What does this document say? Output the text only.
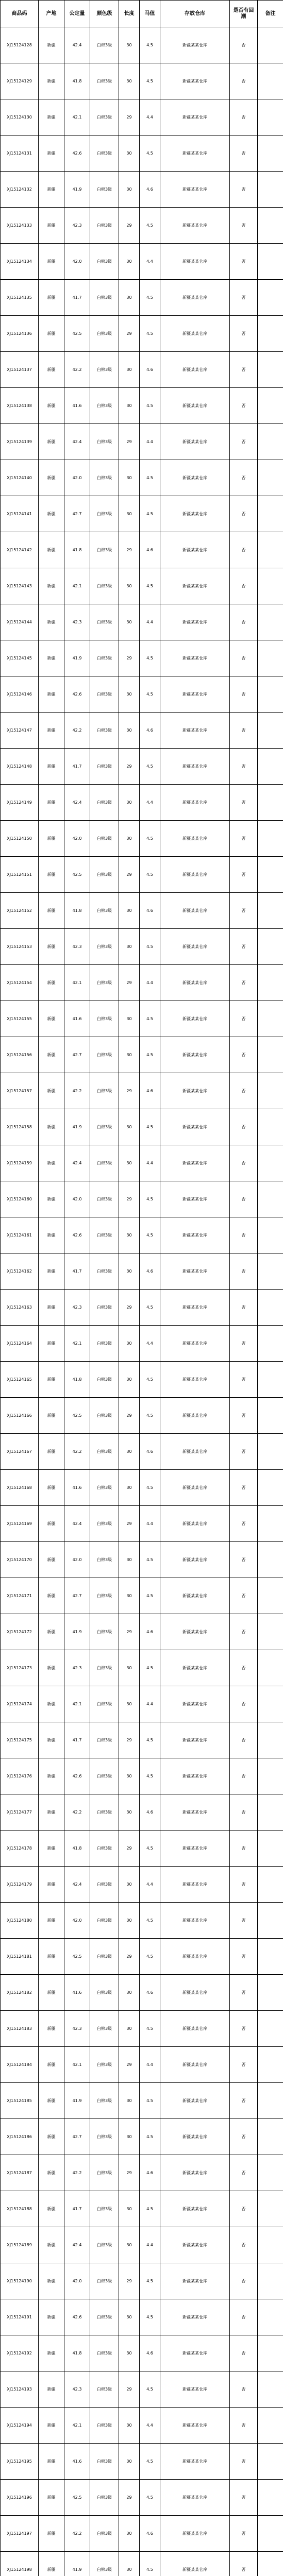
商品码	产地	公定量	颜色级	长度	马值	存放仓库	是否有回潮	备注
XJ15124128	新疆	42.4	白棉3级	30	4.5	新疆某某仓库	否	
XJ15124129	新疆	41.8	白棉3级	30	4.5	新疆某某仓库	否	
XJ15124130	新疆	42.1	白棉3级	29	4.4	新疆某某仓库	否	
XJ15124131	新疆	42.6	白棉3级	30	4.5	新疆某某仓库	否	
XJ15124132	新疆	41.9	白棉3级	30	4.6	新疆某某仓库	否	
XJ15124133	新疆	42.3	白棉3级	29	4.5	新疆某某仓库	否	
XJ15124134	新疆	42.0	白棉3级	30	4.4	新疆某某仓库	否	
XJ15124135	新疆	41.7	白棉3级	30	4.5	新疆某某仓库	否	
XJ15124136	新疆	42.5	白棉3级	29	4.5	新疆某某仓库	否	
XJ15124137	新疆	42.2	白棉3级	30	4.6	新疆某某仓库	否	
XJ15124138	新疆	41.6	白棉3级	30	4.5	新疆某某仓库	否	
XJ15124139	新疆	42.4	白棉3级	29	4.4	新疆某某仓库	否	
XJ15124140	新疆	42.0	白棉3级	30	4.5	新疆某某仓库	否	
XJ15124141	新疆	42.7	白棉3级	30	4.5	新疆某某仓库	否	
XJ15124142	新疆	41.8	白棉3级	29	4.6	新疆某某仓库	否	
XJ15124143	新疆	42.1	白棉3级	30	4.5	新疆某某仓库	否	
XJ15124144	新疆	42.3	白棉3级	30	4.4	新疆某某仓库	否	
XJ15124145	新疆	41.9	白棉3级	29	4.5	新疆某某仓库	否	
XJ15124146	新疆	42.6	白棉3级	30	4.5	新疆某某仓库	否	
XJ15124147	新疆	42.2	白棉3级	30	4.6	新疆某某仓库	否	
XJ15124148	新疆	41.7	白棉3级	29	4.5	新疆某某仓库	否	
XJ15124149	新疆	42.4	白棉3级	30	4.4	新疆某某仓库	否	
XJ15124150	新疆	42.0	白棉3级	30	4.5	新疆某某仓库	否	
XJ15124151	新疆	42.5	白棉3级	29	4.5	新疆某某仓库	否	
XJ15124152	新疆	41.8	白棉3级	30	4.6	新疆某某仓库	否	
XJ15124153	新疆	42.3	白棉3级	30	4.5	新疆某某仓库	否	
XJ15124154	新疆	42.1	白棉3级	29	4.4	新疆某某仓库	否	
XJ15124155	新疆	41.6	白棉3级	30	4.5	新疆某某仓库	否	
XJ15124156	新疆	42.7	白棉3级	30	4.5	新疆某某仓库	否	
XJ15124157	新疆	42.2	白棉3级	29	4.6	新疆某某仓库	否	
XJ15124158	新疆	41.9	白棉3级	30	4.5	新疆某某仓库	否	
XJ15124159	新疆	42.4	白棉3级	30	4.4	新疆某某仓库	否	
XJ15124160	新疆	42.0	白棉3级	29	4.5	新疆某某仓库	否	
XJ15124161	新疆	42.6	白棉3级	30	4.5	新疆某某仓库	否	
XJ15124162	新疆	41.7	白棉3级	30	4.6	新疆某某仓库	否	
XJ15124163	新疆	42.3	白棉3级	29	4.5	新疆某某仓库	否	
XJ15124164	新疆	42.1	白棉3级	30	4.4	新疆某某仓库	否	
XJ15124165	新疆	41.8	白棉3级	30	4.5	新疆某某仓库	否	
XJ15124166	新疆	42.5	白棉3级	29	4.5	新疆某某仓库	否	
XJ15124167	新疆	42.2	白棉3级	30	4.6	新疆某某仓库	否	
XJ15124168	新疆	41.6	白棉3级	30	4.5	新疆某某仓库	否	
XJ15124169	新疆	42.4	白棉3级	29	4.4	新疆某某仓库	否	
XJ15124170	新疆	42.0	白棉3级	30	4.5	新疆某某仓库	否	
XJ15124171	新疆	42.7	白棉3级	30	4.5	新疆某某仓库	否	
XJ15124172	新疆	41.9	白棉3级	29	4.6	新疆某某仓库	否	
XJ15124173	新疆	42.3	白棉3级	30	4.5	新疆某某仓库	否	
XJ15124174	新疆	42.1	白棉3级	30	4.4	新疆某某仓库	否	
XJ15124175	新疆	41.7	白棉3级	29	4.5	新疆某某仓库	否	
XJ15124176	新疆	42.6	白棉3级	30	4.5	新疆某某仓库	否	
XJ15124177	新疆	42.2	白棉3级	30	4.6	新疆某某仓库	否	
XJ15124178	新疆	41.8	白棉3级	29	4.5	新疆某某仓库	否	
XJ15124179	新疆	42.4	白棉3级	30	4.4	新疆某某仓库	否	
XJ15124180	新疆	42.0	白棉3级	30	4.5	新疆某某仓库	否	
XJ15124181	新疆	42.5	白棉3级	29	4.5	新疆某某仓库	否	
XJ15124182	新疆	41.6	白棉3级	30	4.6	新疆某某仓库	否	
XJ15124183	新疆	42.3	白棉3级	30	4.5	新疆某某仓库	否	
XJ15124184	新疆	42.1	白棉3级	29	4.4	新疆某某仓库	否	
XJ15124185	新疆	41.9	白棉3级	30	4.5	新疆某某仓库	否	
XJ15124186	新疆	42.7	白棉3级	30	4.5	新疆某某仓库	否	
XJ15124187	新疆	42.2	白棉3级	29	4.6	新疆某某仓库	否	
XJ15124188	新疆	41.7	白棉3级	30	4.5	新疆某某仓库	否	
XJ15124189	新疆	42.4	白棉3级	30	4.4	新疆某某仓库	否	
XJ15124190	新疆	42.0	白棉3级	29	4.5	新疆某某仓库	否	
XJ15124191	新疆	42.6	白棉3级	30	4.5	新疆某某仓库	否	
XJ15124192	新疆	41.8	白棉3级	30	4.6	新疆某某仓库	否	
XJ15124193	新疆	42.3	白棉3级	29	4.5	新疆某某仓库	否	
XJ15124194	新疆	42.1	白棉3级	30	4.4	新疆某某仓库	否	
XJ15124195	新疆	41.6	白棉3级	30	4.5	新疆某某仓库	否	
XJ15124196	新疆	42.5	白棉3级	29	4.5	新疆某某仓库	否	
XJ15124197	新疆	42.2	白棉3级	30	4.6	新疆某某仓库	否	
XJ15124198	新疆	41.9	白棉3级	30	4.5	新疆某某仓库	否	
